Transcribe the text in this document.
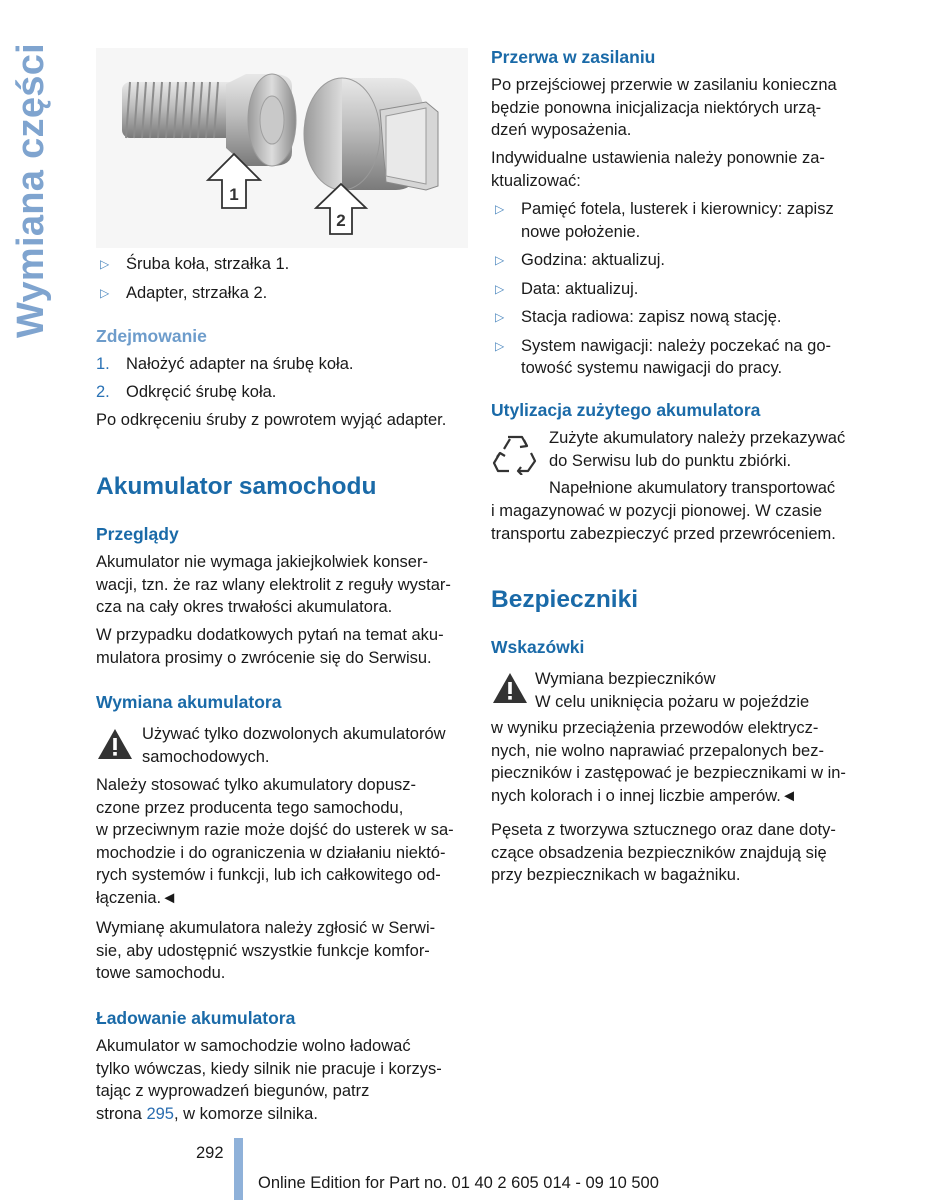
Wymiana części	1
2
▷ Śruba koła, strzałka 1.
▷ Adapter, strzałka 2.
Zdejmowanie
1. Nałożyć adapter na śrubę koła.
2. Odkręcić śrubę koła.

Po odkręceniu śruby z powrotem wyjąć adapter.

Akumulator samochodu
Przeglądy

Akumulator nie wymaga jakiejkolwiek konser-

wacji, tzn. że raz wlany elektrolit z reguły wystar-

cza na cały okres trwałości akumulatora.

W przypadku dodatkowych pytań na temat aku-

mulatora prosimy o zwrócenie się do Serwisu.

Wymiana akumulatora

Używać tylko dozwolonych akumulatorów

samochodowych.

Należy stosować tylko akumulatory dopusz-

czone przez producenta tego samochodu,

w przeciwnym razie może dojść do usterek w sa-

mochodzie i do ograniczenia w działaniu niektó-

rych systemów i funkcji, lub ich całkowitego od-

łączenia.◄

Wymianę akumulatora należy zgłosić w Serwi-

sie, aby udostępnić wszystkie funkcje komfor-

towe samochodu.

Ładowanie akumulatora

Akumulator w samochodzie wolno ładować

tylko wówczas, kiedy silnik nie pracuje i korzys-

tając z wyprowadzeń biegunów, patrz

strona 295, w komorze silnika.

Przerwa w zasilaniu

Po przejściowej przerwie w zasilaniu konieczna

będzie ponowna inicjalizacja niektórych urzą-

dzeń wyposażenia.

Indywidualne ustawienia należy ponownie za-

ktualizować:

▷ Pamięć fotela, lusterek i kierownicy: zapisz
nowe położenie.
▷ Godzina: aktualizuj.
▷ Data: aktualizuj.
▷ Stacja radiowa: zapisz nową stację.
▷ System nawigacji: należy poczekać na go-
towość systemu nawigacji do pracy.
Utylizacja zużytego akumulatora

Zużyte akumulatory należy przekazywać

do Serwisu lub do punktu zbiórki.

Napełnione akumulatory transportować

i magazynować w pozycji pionowej. W czasie

transportu zabezpieczyć przed przewróceniem.

Bezpieczniki
Wskazówki

Wymiana bezpieczników

W celu uniknięcia pożaru w pojeździe

w wyniku przeciążenia przewodów elektrycz-

nych, nie wolno naprawiać przepalonych bez-

pieczników i zastępować je bezpiecznikami w in-

nych kolorach i o innej liczbie amperów.◄

Pęseta z tworzywa sztucznego oraz dane doty-

czące obsadzenia bezpieczników znajdują się

przy bezpiecznikach w bagażniku.

292
Online Edition for Part no. 01 40 2 605 014 - 09 10 500
